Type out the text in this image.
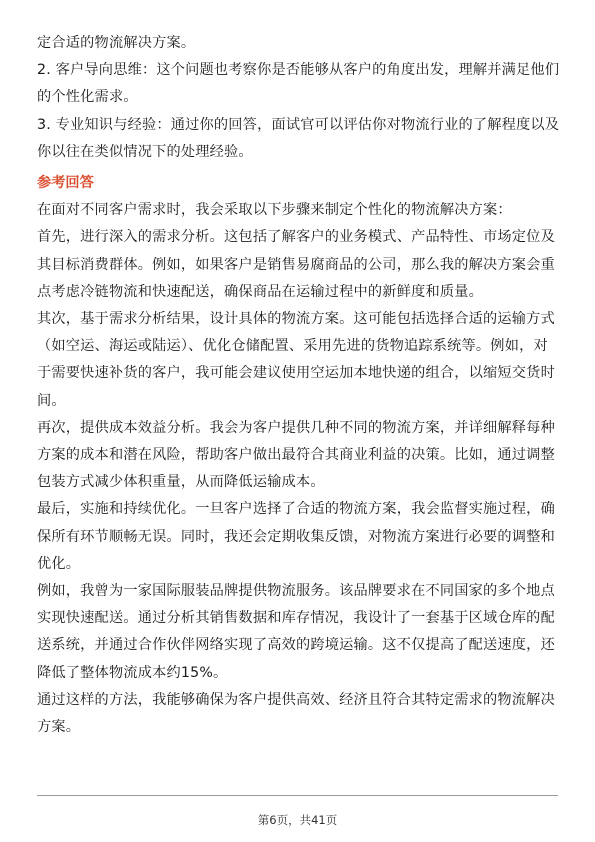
定合适的物流解决方案。

2. 客户导向思维：这个问题也考察你是否能够从客户的角度出发，理解并满足他们
的个性化需求。

3. 专业知识与经验：通过你的回答，面试官可以评估你对物流行业的了解程度以及
你以往在类似情况下的处理经验。

参考回答

在面对不同客户需求时，我会采取以下步骤来制定个性化的物流解决方案：

首先，进行深入的需求分析。这包括了解客户的业务模式、产品特性、市场定位及
其目标消费群体。例如，如果客户是销售易腐商品的公司，那么我的解决方案会重
点考虑冷链物流和快速配送，确保商品在运输过程中的新鲜度和质量。

其次，基于需求分析结果，设计具体的物流方案。这可能包括选择合适的运输方式
（如空运、海运或陆运）、优化仓储配置、采用先进的货物追踪系统等。例如，对
于需要快速补货的客户，我可能会建议使用空运加本地快递的组合，以缩短交货时
间。

再次，提供成本效益分析。我会为客户提供几种不同的物流方案，并详细解释每种
方案的成本和潜在风险，帮助客户做出最符合其商业利益的决策。比如，通过调整
包装方式减少体积重量，从而降低运输成本。

最后，实施和持续优化。一旦客户选择了合适的物流方案，我会监督实施过程，确
保所有环节顺畅无误。同时，我还会定期收集反馈，对物流方案进行必要的调整和
优化。

例如，我曾为一家国际服装品牌提供物流服务。该品牌要求在不同国家的多个地点
实现快速配送。通过分析其销售数据和库存情况，我设计了一套基于区域仓库的配
送系统，并通过合作伙伴网络实现了高效的跨境运输。这不仅提高了配送速度，还
降低了整体物流成本约15%。

通过这样的方法，我能够确保为客户提供高效、经济且符合其特定需求的物流解决
方案。

第6页，共41页
